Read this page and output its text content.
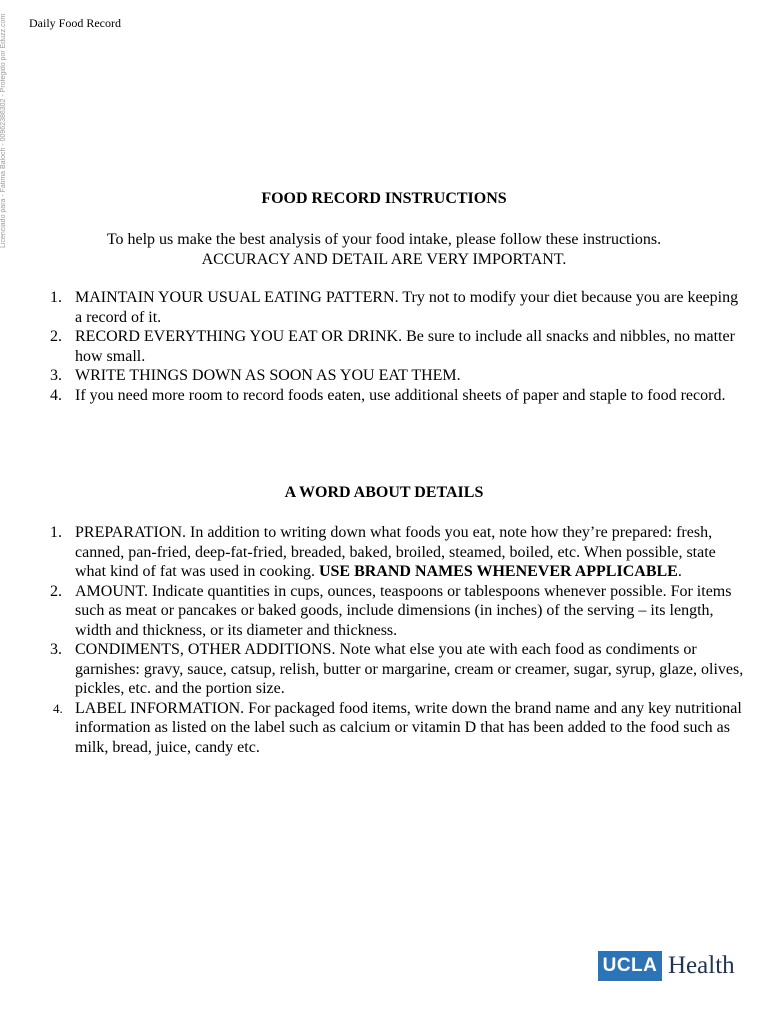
Daily Food Record
Licenciado para - Fatima Baloch - 00962386302 - Protegido por Eduzz.com	FOOD RECORD INSTRUCTIONS
To help us make the best analysis of your food intake, please follow these instructions.
ACCURACY AND DETAIL ARE VERY IMPORTANT.
1. MAINTAIN YOUR USUAL EATING PATTERN. Try not to modify your diet because you are keeping a record of it.
2. RECORD EVERYTHING YOU EAT OR DRINK. Be sure to include all snacks and nibbles, no matter how small.
3. WRITE THINGS DOWN AS SOON AS YOU EAT THEM.
4. If you need more room to record foods eaten, use additional sheets of paper and staple to food record.
A WORD ABOUT DETAILS
1. PREPARATION. In addition to writing down what foods you eat, note how they’re prepared: fresh, canned, pan-fried, deep-fat-fried, breaded, baked, broiled, steamed, boiled, etc. When possible, state what kind of fat was used in cooking. USE BRAND NAMES WHENEVER APPLICABLE.
2. AMOUNT. Indicate quantities in cups, ounces, teaspoons or tablespoons whenever possible. For items such as meat or pancakes or baked goods, include dimensions (in inches) of the serving – its length, width and thickness, or its diameter and thickness.
3. CONDIMENTS, OTHER ADDITIONS. Note what else you ate with each food as condiments or garnishes: gravy, sauce, catsup, relish, butter or margarine, cream or creamer, sugar, syrup, glaze, olives, pickles, etc. and the portion size.
4. LABEL INFORMATION. For packaged food items, write down the brand name and any key nutritional information as listed on the label such as calcium or vitamin D that has been added to the food such as milk, bread, juice, candy etc.
UCLA Health
